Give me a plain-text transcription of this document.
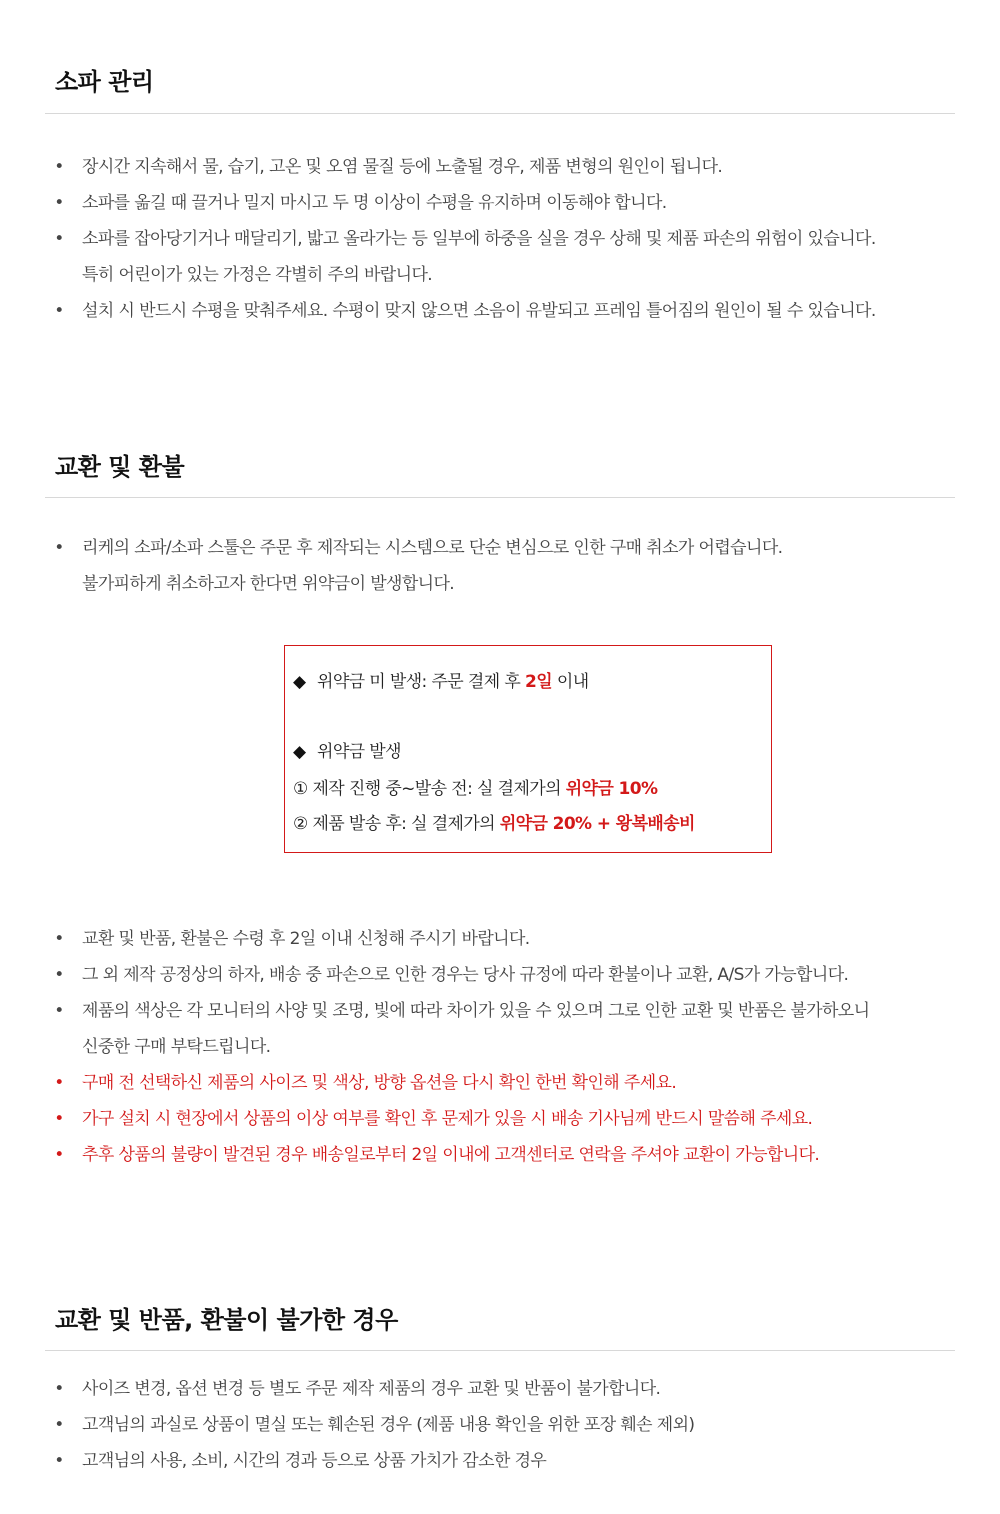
소파 관리
• 장시간 지속해서 물, 습기, 고온 및 오염 물질 등에 노출될 경우, 제품 변형의 원인이 됩니다.
• 소파를 옮길 때 끌거나 밀지 마시고 두 명 이상이 수평을 유지하며 이동해야 합니다.
• 소파를 잡아당기거나 매달리기, 밟고 올라가는 등 일부에 하중을 실을 경우 상해 및 제품 파손의 위험이 있습니다.
특히 어린이가 있는 가정은 각별히 주의 바랍니다.
• 설치 시 반드시 수평을 맞춰주세요. 수평이 맞지 않으면 소음이 유발되고 프레임 틀어짐의 원인이 될 수 있습니다.
교환 및 환불
• 리케의 소파/소파 스툴은 주문 후 제작되는 시스템으로 단순 변심으로 인한 구매 취소가 어렵습니다.
불가피하게 취소하고자 한다면 위약금이 발생합니다.
◆ 위약금 미 발생: 주문 결제 후 2일 이내
◆ 위약금 발생
① 제작 진행 중~발송 전: 실 결제가의 위약금 10%
② 제품 발송 후: 실 결제가의 위약금 20% + 왕복배송비
• 교환 및 반품, 환불은 수령 후 2일 이내 신청해 주시기 바랍니다.
• 그 외 제작 공정상의 하자, 배송 중 파손으로 인한 경우는 당사 규정에 따라 환불이나 교환, A/S가 가능합니다.
• 제품의 색상은 각 모니터의 사양 및 조명, 빛에 따라 차이가 있을 수 있으며 그로 인한 교환 및 반품은 불가하오니
신중한 구매 부탁드립니다.
• 구매 전 선택하신 제품의 사이즈 및 색상, 방향 옵션을 다시 확인 한번 확인해 주세요.
• 가구 설치 시 현장에서 상품의 이상 여부를 확인 후 문제가 있을 시 배송 기사님께 반드시 말씀해 주세요.
• 추후 상품의 불량이 발견된 경우 배송일로부터 2일 이내에 고객센터로 연락을 주셔야 교환이 가능합니다.
교환 및 반품, 환불이 불가한 경우
• 사이즈 변경, 옵션 변경 등 별도 주문 제작 제품의 경우 교환 및 반품이 불가합니다.
• 고객님의 과실로 상품이 멸실 또는 훼손된 경우 (제품 내용 확인을 위한 포장 훼손 제외)
• 고객님의 사용, 소비, 시간의 경과 등으로 상품 가치가 감소한 경우
